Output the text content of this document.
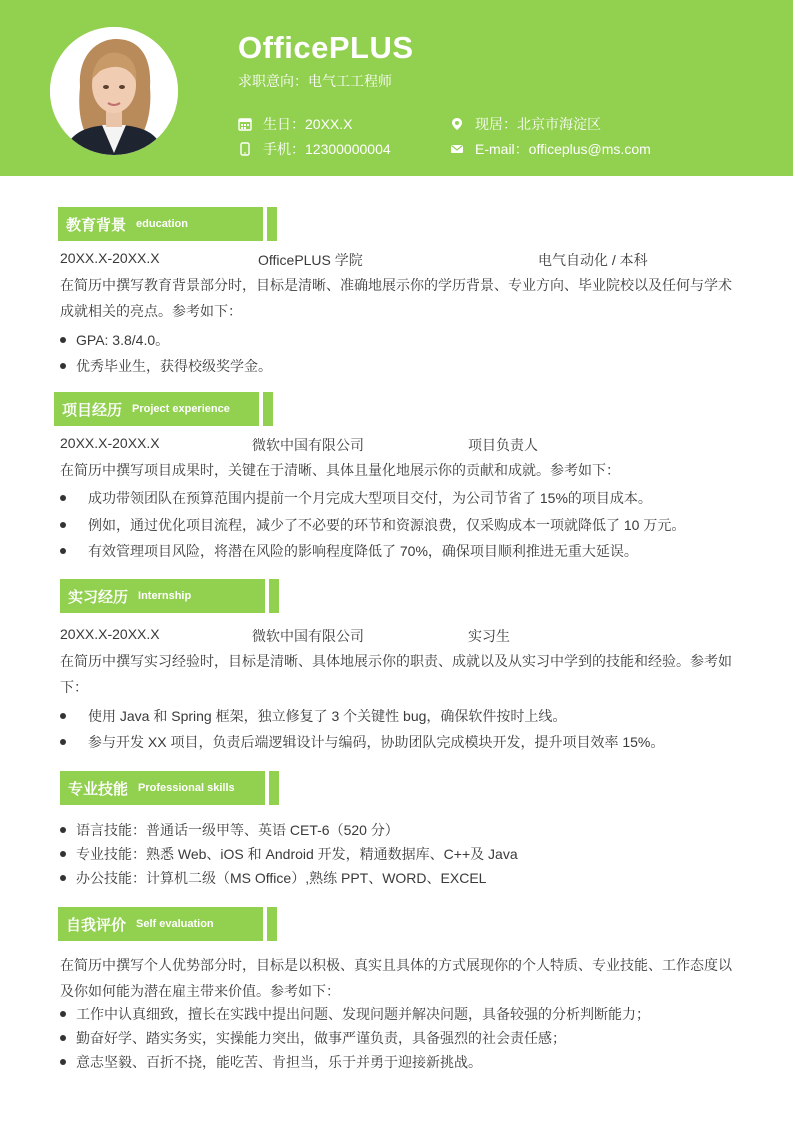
OfficePLUS
求职意向：电气工工程师
生日：20XX.X	现居：北京市海淀区
手机：12300000004	E-mail：officeplus@ms.com
教育背景 education
20XX.X-20XX.X	OfficePLUS 学院	电气自动化 / 本科
在简历中撰写教育背景部分时，目标是清晰、准确地展示你的学历背景、专业方向、毕业院校以及任何与学术成就相关的亮点。参考如下：
GPA: 3.8/4.0。
优秀毕业生，获得校级奖学金。
项目经历 Project experience
20XX.X-20XX.X	微软中国有限公司	项目负责人
在简历中撰写项目成果时，关键在于清晰、具体且量化地展示你的贡献和成就。参考如下：
成功带领团队在预算范围内提前一个月完成大型项目交付，为公司节省了 15%的项目成本。
例如，通过优化项目流程，减少了不必要的环节和资源浪费，仅采购成本一项就降低了 10 万元。
有效管理项目风险，将潜在风险的影响程度降低了 70%，确保项目顺利推进无重大延误。
实习经历 Internship
20XX.X-20XX.X	微软中国有限公司	实习生
在简历中撰写实习经验时，目标是清晰、具体地展示你的职责、成就以及从实习中学到的技能和经验。参考如下：
使用 Java 和 Spring 框架，独立修复了 3 个关键性 bug，确保软件按时上线。
参与开发 XX 项目，负责后端逻辑设计与编码，协助团队完成模块开发，提升项目效率 15%。
专业技能 Professional skills
语言技能：普通话一级甲等、英语 CET-6（520 分）
专业技能：熟悉 Web、iOS 和 Android 开发，精通数据库、C++及 Java
办公技能：计算机二级（MS Office）,熟练 PPT、WORD、EXCEL
自我评价 Self evaluation
在简历中撰写个人优势部分时，目标是以积极、真实且具体的方式展现你的个人特质、专业技能、工作态度以及你如何能为潜在雇主带来价值。参考如下：
工作中认真细致，擅长在实践中提出问题、发现问题并解决问题，具备较强的分析判断能力；
勤奋好学、踏实务实，实操能力突出，做事严谨负责，具备强烈的社会责任感；
意志坚毅、百折不挠，能吃苦、肯担当，乐于并勇于迎接新挑战。
